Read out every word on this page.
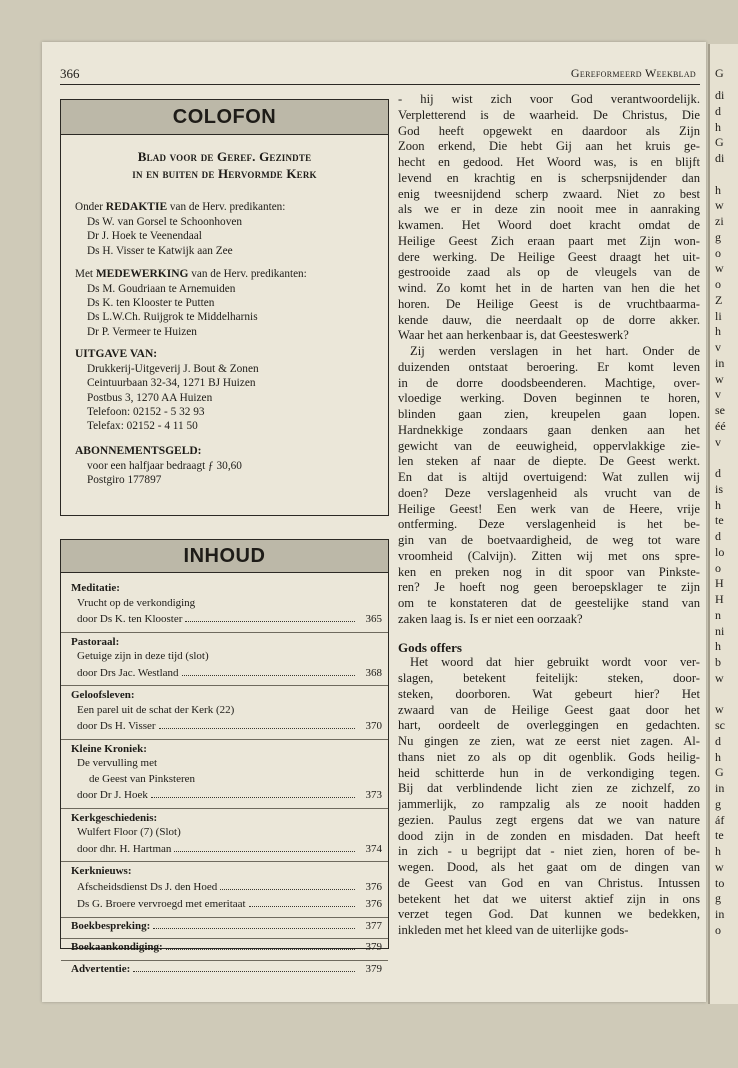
366	Gereformeerd Weekblad
COLOFON
Blad voor de Geref. Gezindte
in en buiten de Hervormde Kerk
Onder REDAKTIE van de Herv. predikanten:
Ds W. van Gorsel te Schoonhoven
Dr J. Hoek te Veenendaal
Ds H. Visser te Katwijk aan Zee
Met MEDEWERKING van de Herv. predikanten:
Ds M. Goudriaan te Arnemuiden
Ds K. ten Klooster te Putten
Ds L.W.Ch. Ruijgrok te Middelharnis
Dr P. Vermeer te Huizen
UITGAVE VAN:
Drukkerij-Uitgeverij J. Bout & Zonen
Ceintuurbaan 32-34, 1271 BJ Huizen
Postbus 3, 1270 AA Huizen
Telefoon: 02152 - 5 32 93
Telefax: 02152 - 4 11 50
ABONNEMENTSGELD:
voor een halfjaar bedraagt ƒ 30,60
Postgiro 177897
INHOUD
Meditatie:
Vrucht op de verkondiging
door Ds K. ten Klooster	365
Pastoraal:
Getuige zijn in deze tijd (slot)
door Drs Jac. Westland	368
Geloofsleven:
Een parel uit de schat der Kerk (22)
door Ds H. Visser	370
Kleine Kroniek:
De vervulling met
de Geest van Pinksteren
door Dr J. Hoek	373
Kerkgeschiedenis:
Wulfert Floor (7) (Slot)
door dhr. H. Hartman	374
Kerknieuws:
Afscheidsdienst Ds J. den Hoed	376
Ds G. Broere vervroegd met emeritaat	376
Boekbespreking:	377
Boekaankondiging:	379
Advertentie:	379
- hij wist zich voor God verantwoordelijk.
Verpletterend is de waarheid. De Christus, Die
God heeft opgewekt en daardoor als Zijn
Zoon erkend, Die hebt Gij aan het kruis ge-
hecht en gedood. Het Woord was, is en blijft
levend en krachtig en is scherpsnijdender dan
enig tweesnijdend scherp zwaard. Niet zo best
als we er in deze zin nooit mee in aanraking
kwamen. Het Woord doet kracht omdat de
Heilige Geest Zich eraan paart met Zijn won-
dere werking. De Heilige Geest draagt het uit-
gestrooide zaad als op de vleugels van de
wind. Zo komt het in de harten van hen die het
horen. De Heilige Geest is de vruchtbaarma-
kende dauw, die neerdaalt op de dorre akker.
Waar het aan herkenbaar is, dat Geesteswerk?
Zij werden verslagen in het hart. Onder de
duizenden ontstaat beroering. Er komt leven
in de dorre doodsbeenderen. Machtige, over-
vloedige werking. Doven beginnen te horen,
blinden gaan zien, kreupelen gaan lopen.
Hardnekkige zondaars gaan denken aan het
gewicht van de eeuwigheid, oppervlakkige zie-
len steken af naar de diepte. De Geest werkt.
En dat is altijd overtuigend: Wat zullen wij
doen? Deze verslagenheid als vrucht van de
Heilige Geest! Een werk van de Heere, vrije
ontferming. Deze verslagenheid is het be-
gin van de boetvaardigheid, de weg tot ware
vroomheid (Calvijn). Zitten wij met ons spre-
ken en preken nog in dit spoor van Pinkste-
ren? Je hoeft nog geen beroepsklager te zijn
om te konstateren dat de geestelijke stand van
zaken laag is. Is er niet een oorzaak?
Gods offers
Het woord dat hier gebruikt wordt voor ver-
slagen, betekent feitelijk: steken, door-
steken, doorboren. Wat gebeurt hier? Het
zwaard van de Heilige Geest gaat door het
hart, oordeelt de overleggingen en gedachten.
Nu gingen ze zien, wat ze eerst niet zagen. Al-
thans niet zo als op dit ogenblik. Gods heilig-
heid schitterde hun in de verkondiging tegen.
Bij dat verblindende licht zien ze zichzelf, zo
jammerlijk, zo rampzalig als ze nooit hadden
gezien. Paulus zegt ergens dat we van nature
dood zijn in de zonden en misdaden. Dat heeft
in zich - u begrijpt dat - niet zien, horen of be-
wegen. Dood, als het gaat om de dingen van
de Geest van God en van Christus. Intussen
betekent het dat we uiterst aktief zijn in ons
verzet tegen God. Dat kunnen we bedekken,
inkleden met het kleed van de uiterlijke gods-
G
di
d
h
G
di
h
w
zi
g
o
w
o
Z
li
h
v
in
w
v
se
éé
v
d
is
h
te
d
lo
o
H
H
n
ni
h
b
w
w
sc
d
h
G
in
g
áf
te
h
w
to
g
in
o
